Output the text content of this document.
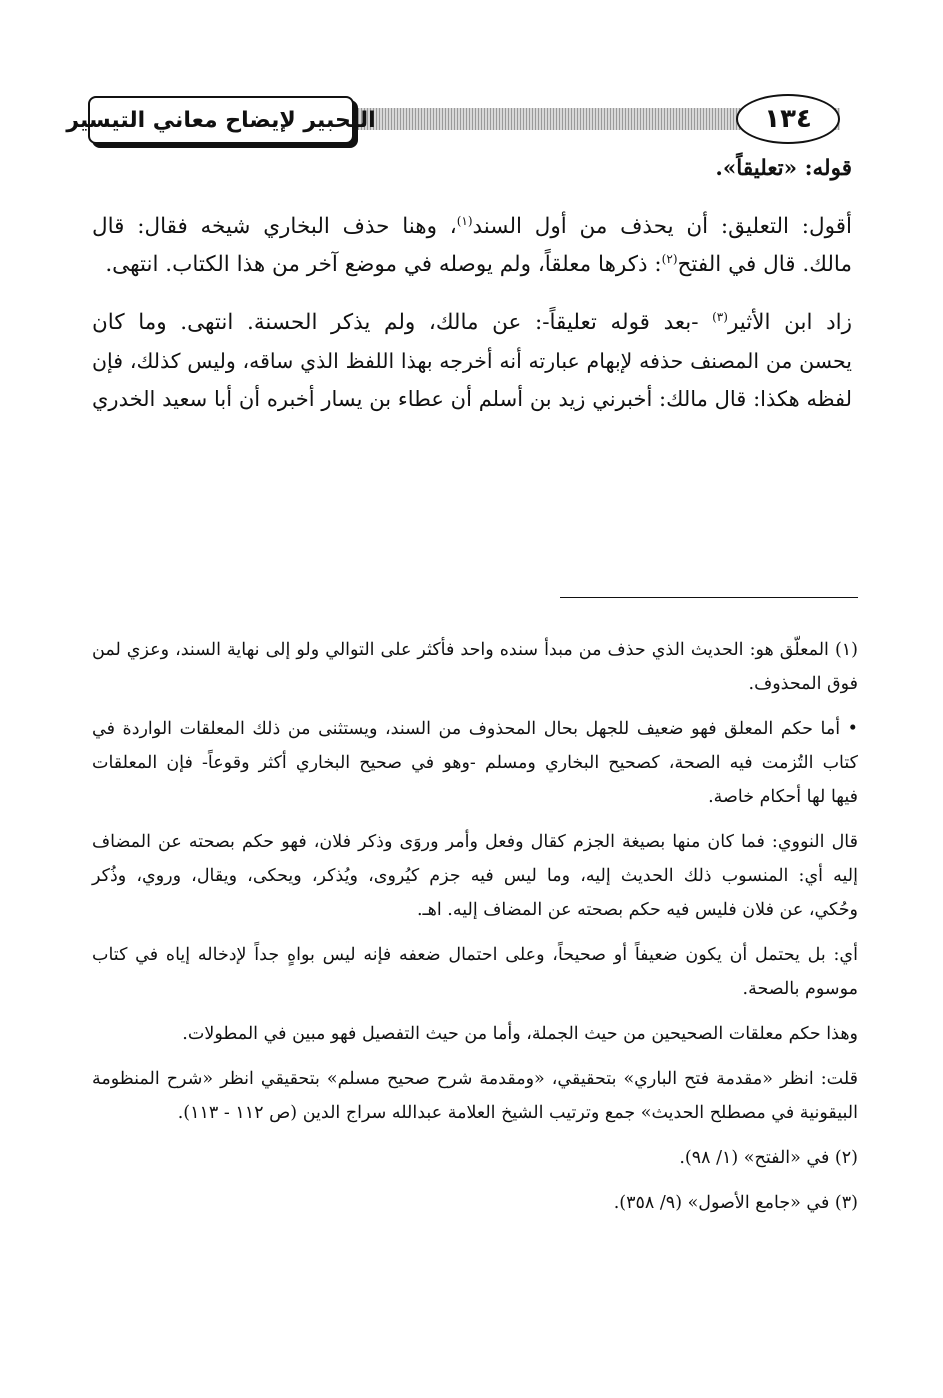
التحبير لإيضاح معاني التيسير	١٣٤
قوله: «تعليقاً».
أقول: التعليق: أن يحذف من أول السند$^{(١)}$، وهنا حذف البخاري شيخه فقال: قال
مالك. قال في الفتح$^{(٢)}$: ذكرها معلقاً، ولم يوصله في موضع آخر من هذا الكتاب. انتهى.
زاد ابن الأثير$^{(٣)}$ -بعد قوله تعليقاً-: عن مالك، ولم يذكر الحسنة. انتهى. وما كان
يحسن من المصنف حذفه لإبهام عبارته أنه أخرجه بهذا اللفظ الذي ساقه، وليس كذلك، فإن
لفظه هكذا: قال مالك: أخبرني زيد بن أسلم أن عطاء بن يسار أخبره أن أبا سعيد الخدري
(١) المعلّق هو: الحديث الذي حذف من مبدأ سنده واحد فأكثر على التوالي ولو إلى نهاية السند، وعزي لمن
فوق المحذوف.
• أما حكم المعلق فهو ضعيف للجهل بحال المحذوف من السند، ويستثنى من ذلك المعلقات الواردة في
كتاب التُزمت فيه الصحة، كصحيح البخاري ومسلم -وهو في صحيح البخاري أكثر وقوعاً- فإن المعلقات
فيها لها أحكام خاصة.
قال النووي: فما كان منها بصيغة الجزم كقال وفعل وأمر وروَى وذكر فلان، فهو حكم بصحته عن المضاف
إليه أي: المنسوب ذلك الحديث إليه، وما ليس فيه جزم كيُروى، ويُذكر، ويحكى، ويقال، وروي، وذُكر
وحُكي، عن فلان فليس فيه حكم بصحته عن المضاف إليه. اهـ.
أي: بل يحتمل أن يكون ضعيفاً أو صحيحاً، وعلى احتمال ضعفه فإنه ليس بواهٍ جداً لإدخاله إياه في كتاب
موسوم بالصحة.
وهذا حكم معلقات الصحيحين من حيث الجملة، وأما من حيث التفصيل فهو مبين في المطولات.
قلت: انظر «مقدمة فتح الباري» بتحقيقي، «ومقدمة شرح صحيح مسلم» بتحقيقي انظر «شرح المنظومة
البيقونية في مصطلح الحديث» جمع وترتيب الشيخ العلامة عبدالله سراج الدين (ص ١١٢ - ١١٣).
(٢) في «الفتح» (١/ ٩٨).
(٣) في «جامع الأصول» (٩/ ٣٥٨).
